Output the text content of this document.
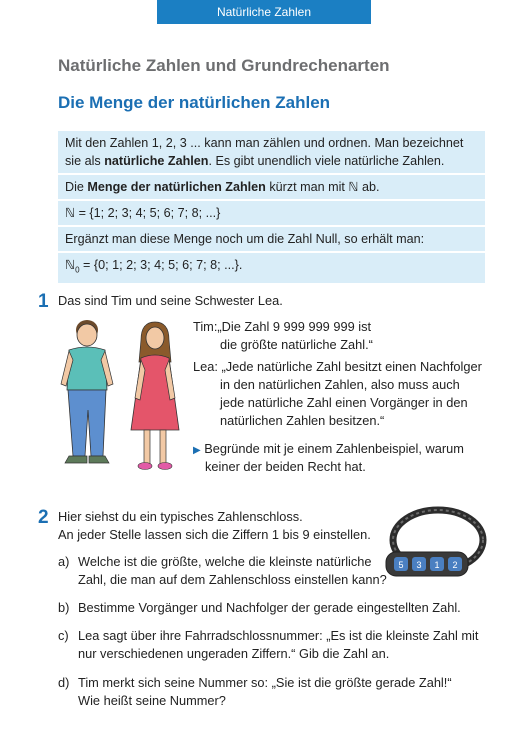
Natürliche Zahlen
Natürliche Zahlen und Grundrechenarten
Die Menge der natürlichen Zahlen
Mit den Zahlen 1, 2, 3 ... kann man zählen und ordnen. Man bezeichnet
sie als natürliche Zahlen. Es gibt unendlich viele natürliche Zahlen.
Die Menge der natürlichen Zahlen kürzt man mit ℕ ab.
ℕ = {1; 2; 3; 4; 5; 6; 7; 8; ...}
Ergänzt man diese Menge noch um die Zahl Null, so erhält man:
ℕ$_0$ = {0; 1; 2; 3; 4; 5; 6; 7; 8; ...}.
1 Das sind Tim und seine Schwester Lea.
Tim:„Die Zahl 9 999 999 999 ist
die größte natürliche Zahl.“
Lea: „Jede natürliche Zahl besitzt einen Nachfolger
in den natürlichen Zahlen, also muss auch
jede natürliche Zahl einen Vorgänger in den
natürlichen Zahlen besitzen.“
▶ Begründe mit je einem Zahlenbeispiel, warum
keiner der beiden Recht hat.
2 Hier siehst du ein typisches Zahlenschloss.
An jeder Stelle lassen sich die Ziffern 1 bis 9 einstellen.
5 3 1 2
a) Welche ist die größte, welche die kleinste natürliche
Zahl, die man auf dem Zahlenschloss einstellen kann?
b) Bestimme Vorgänger und Nachfolger der gerade eingestellten Zahl.
c) Lea sagt über ihre Fahrradschlossnummer: „Es ist die kleinste Zahl mit
nur verschiedenen ungeraden Ziffern.“ Gib die Zahl an.
d) Tim merkt sich seine Nummer so: „Sie ist die größte gerade Zahl!“
Wie heißt seine Nummer?
